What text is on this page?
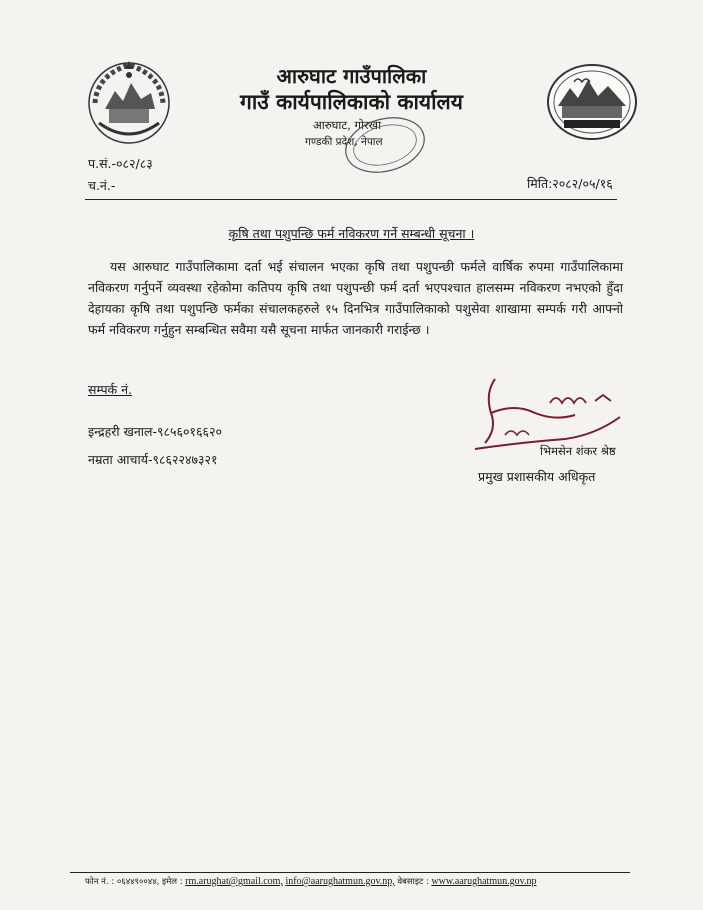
आरुघाट गाउँपालिका
गाउँ कार्यपालिकाको कार्यालय
आरुघाट, गोरखा
गण्डकी प्रदेश, नेपाल
प.सं.-०८२/८३
च.नं.-	मिति:२०८२/०५/१६
कृषि तथा पशुपन्छि फर्म नविकरण गर्ने सम्बन्धी सूचना ।

यस आरुघाट गाउँपालिकामा दर्ता भई संचालन भएका कृषि तथा पशुपन्छी फर्मले वार्षिक रुपमा गाउँपालिकामा नविकरण गर्नुपर्ने व्यवस्था रहेकोमा कतिपय कृषि तथा पशुपन्छी फर्म दर्ता भएपश्चात हालसम्म नविकरण नभएको हुँदा देहायका कृषि तथा पशुपन्छि फर्मका संचालकहरुले १५ दिनभित्र गाउँपालिकाको पशुसेवा शाखामा सम्पर्क गरी आफ्नो फर्म नविकरण गर्नुहुन सम्बन्धित सवैमा यसै सूचना मार्फत जानकारी गराईन्छ ।

सम्पर्क नं.
इन्द्रहरी खनाल-९८५६०१६६२०
नम्रता आचार्य-९८६२२४७३२१
भिमसेन शंकर श्रेष्ठ
प्रमुख प्रशासकीय अधिकृत
फोन नं. : ०६४४९००४४, इमेल : rm.arughat@gmail.com, info@aarughatmun.gov.np, वेबसाइट : www.aarughatmun.gov.np
